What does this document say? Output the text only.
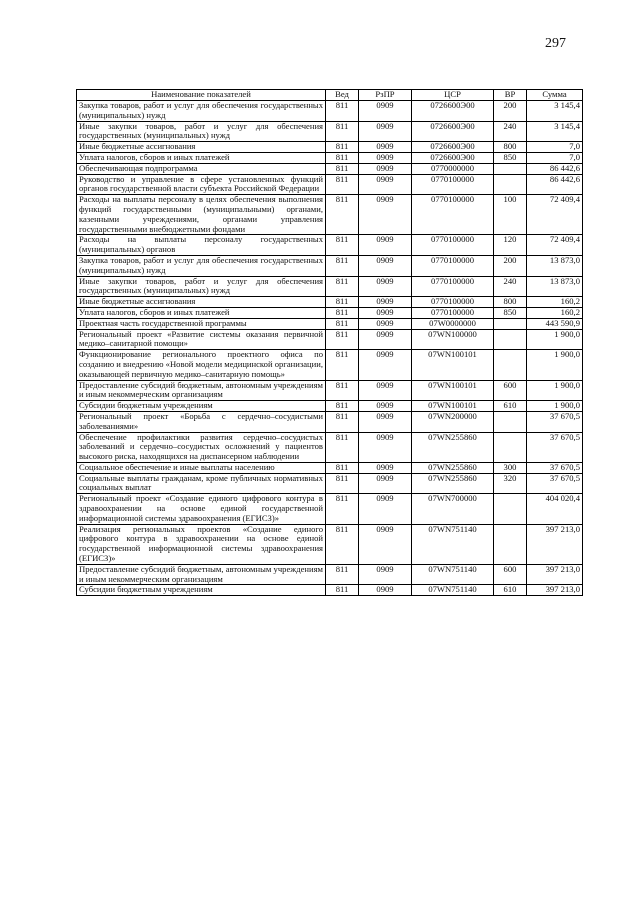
297
Наименование показателей	Вед	РзПР	ЦСР	ВР	Сумма
Закупка товаров, работ и услуг для обеспечения государственных (муниципальных) нужд	811	0909	0726600Э00	200	3 145,4
Иные закупки товаров, работ и услуг для обеспечения государственных (муниципальных) нужд	811	0909	0726600Э00	240	3 145,4
Иные бюджетные ассигнования	811	0909	0726600Э00	800	7,0
Уплата налогов, сборов и иных платежей	811	0909	0726600Э00	850	7,0
Обеспечивающая подпрограмма	811	0909	0770000000		86 442,6
Руководство и управление в сфере установленных функций органов государственной власти субъекта Российской Федерации	811	0909	0770100000		86 442,6
Расходы на выплаты персоналу в целях обеспечения выполнения функций государственными (муниципальными) органами, казенными учреждениями, органами управления государственными внебюджетными фондами	811	0909	0770100000	100	72 409,4
Расходы на выплаты персоналу государственных (муниципальных) органов	811	0909	0770100000	120	72 409,4
Закупка товаров, работ и услуг для обеспечения государственных (муниципальных) нужд	811	0909	0770100000	200	13 873,0
Иные закупки товаров, работ и услуг для обеспечения государственных (муниципальных) нужд	811	0909	0770100000	240	13 873,0
Иные бюджетные ассигнования	811	0909	0770100000	800	160,2
Уплата налогов, сборов и иных платежей	811	0909	0770100000	850	160,2
Проектная часть государственной программы	811	0909	07W0000000		443 590,9
Региональный проект «Развитие системы оказания первичной медико–санитарной помощи»	811	0909	07WN100000		1 900,0
Функционирование регионального проектного офиса по созданию и внедрению «Новой модели медицинской организации, оказывающей первичную медико–санитарную помощь»	811	0909	07WN100101		1 900,0
Предоставление субсидий бюджетным, автономным учреждениям и иным некоммерческим организациям	811	0909	07WN100101	600	1 900,0
Субсидии бюджетным учреждениям	811	0909	07WN100101	610	1 900,0
Региональный проект «Борьба с сердечно–сосудистыми заболеваниями»	811	0909	07WN200000		37 670,5
Обеспечение профилактики развития сердечно–сосудистых заболеваний и сердечно–сосудистых осложнений у пациентов высокого риска, находящихся на диспансерном наблюдении	811	0909	07WN255860		37 670,5
Социальное обеспечение и иные выплаты населению	811	0909	07WN255860	300	37 670,5
Социальные выплаты гражданам, кроме публичных нормативных социальных выплат	811	0909	07WN255860	320	37 670,5
Региональный проект «Создание единого цифрового контура в здравоохранении на основе единой государственной информационной системы здравоохранения (ЕГИСЗ)»	811	0909	07WN700000		404 020,4
Реализация региональных проектов «Создание единого цифрового контура в здравоохранении на основе единой государственной информационной системы здравоохранения (ЕГИСЗ)»	811	0909	07WN751140		397 213,0
Предоставление субсидий бюджетным, автономным учреждениям и иным некоммерческим организациям	811	0909	07WN751140	600	397 213,0
Субсидии бюджетным учреждениям	811	0909	07WN751140	610	397 213,0
